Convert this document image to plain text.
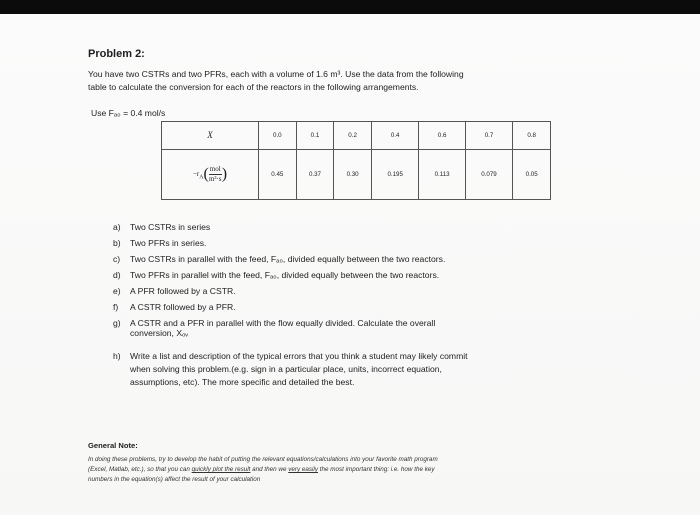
Problem 2:
You have two CSTRs and two PFRs, each with a volume of 1.6 m³. Use the data from the following
table to calculate the conversion for each of the reactors in the following arrangements.
Use Fₐ₀ = 0.4 mol/s
X	0.0	0.1	0.2	0.4	0.6	0.7	0.8
$-r_A( \frac{\text{mol}}{\text{m³·s}}$ )	0.45	0.37	0.30	0.195	0.113	0.079	0.05
a) Two CSTRs in series
b) Two PFRs in series.
c) Two CSTRs in parallel with the feed, Fₐ₀, divided equally between the two reactors.
d) Two PFRs in parallel with the feed, Fₐ₀, divided equally between the two reactors.
e) A PFR followed by a CSTR.
f) A CSTR followed by a PFR.
g) A CSTR and a PFR in parallel with the flow equally divided. Calculate the overall
conversion, Xₒᵥ
h) Write a list and description of the typical errors that you think a student may likely commit
when solving this problem.(e.g. sign in a particular place, units, incorrect equation,
assumptions, etc). The more specific and detailed the best.
General Note:
In doing these problems, try to develop the habit of putting the relevant equations/calculations into your favorite math program
(Excel, Matlab, etc.), so that you can quickly plot the result and then we very easily the most important thing: i.e. how the key
numbers in the equation(s) affect the result of your calculation
